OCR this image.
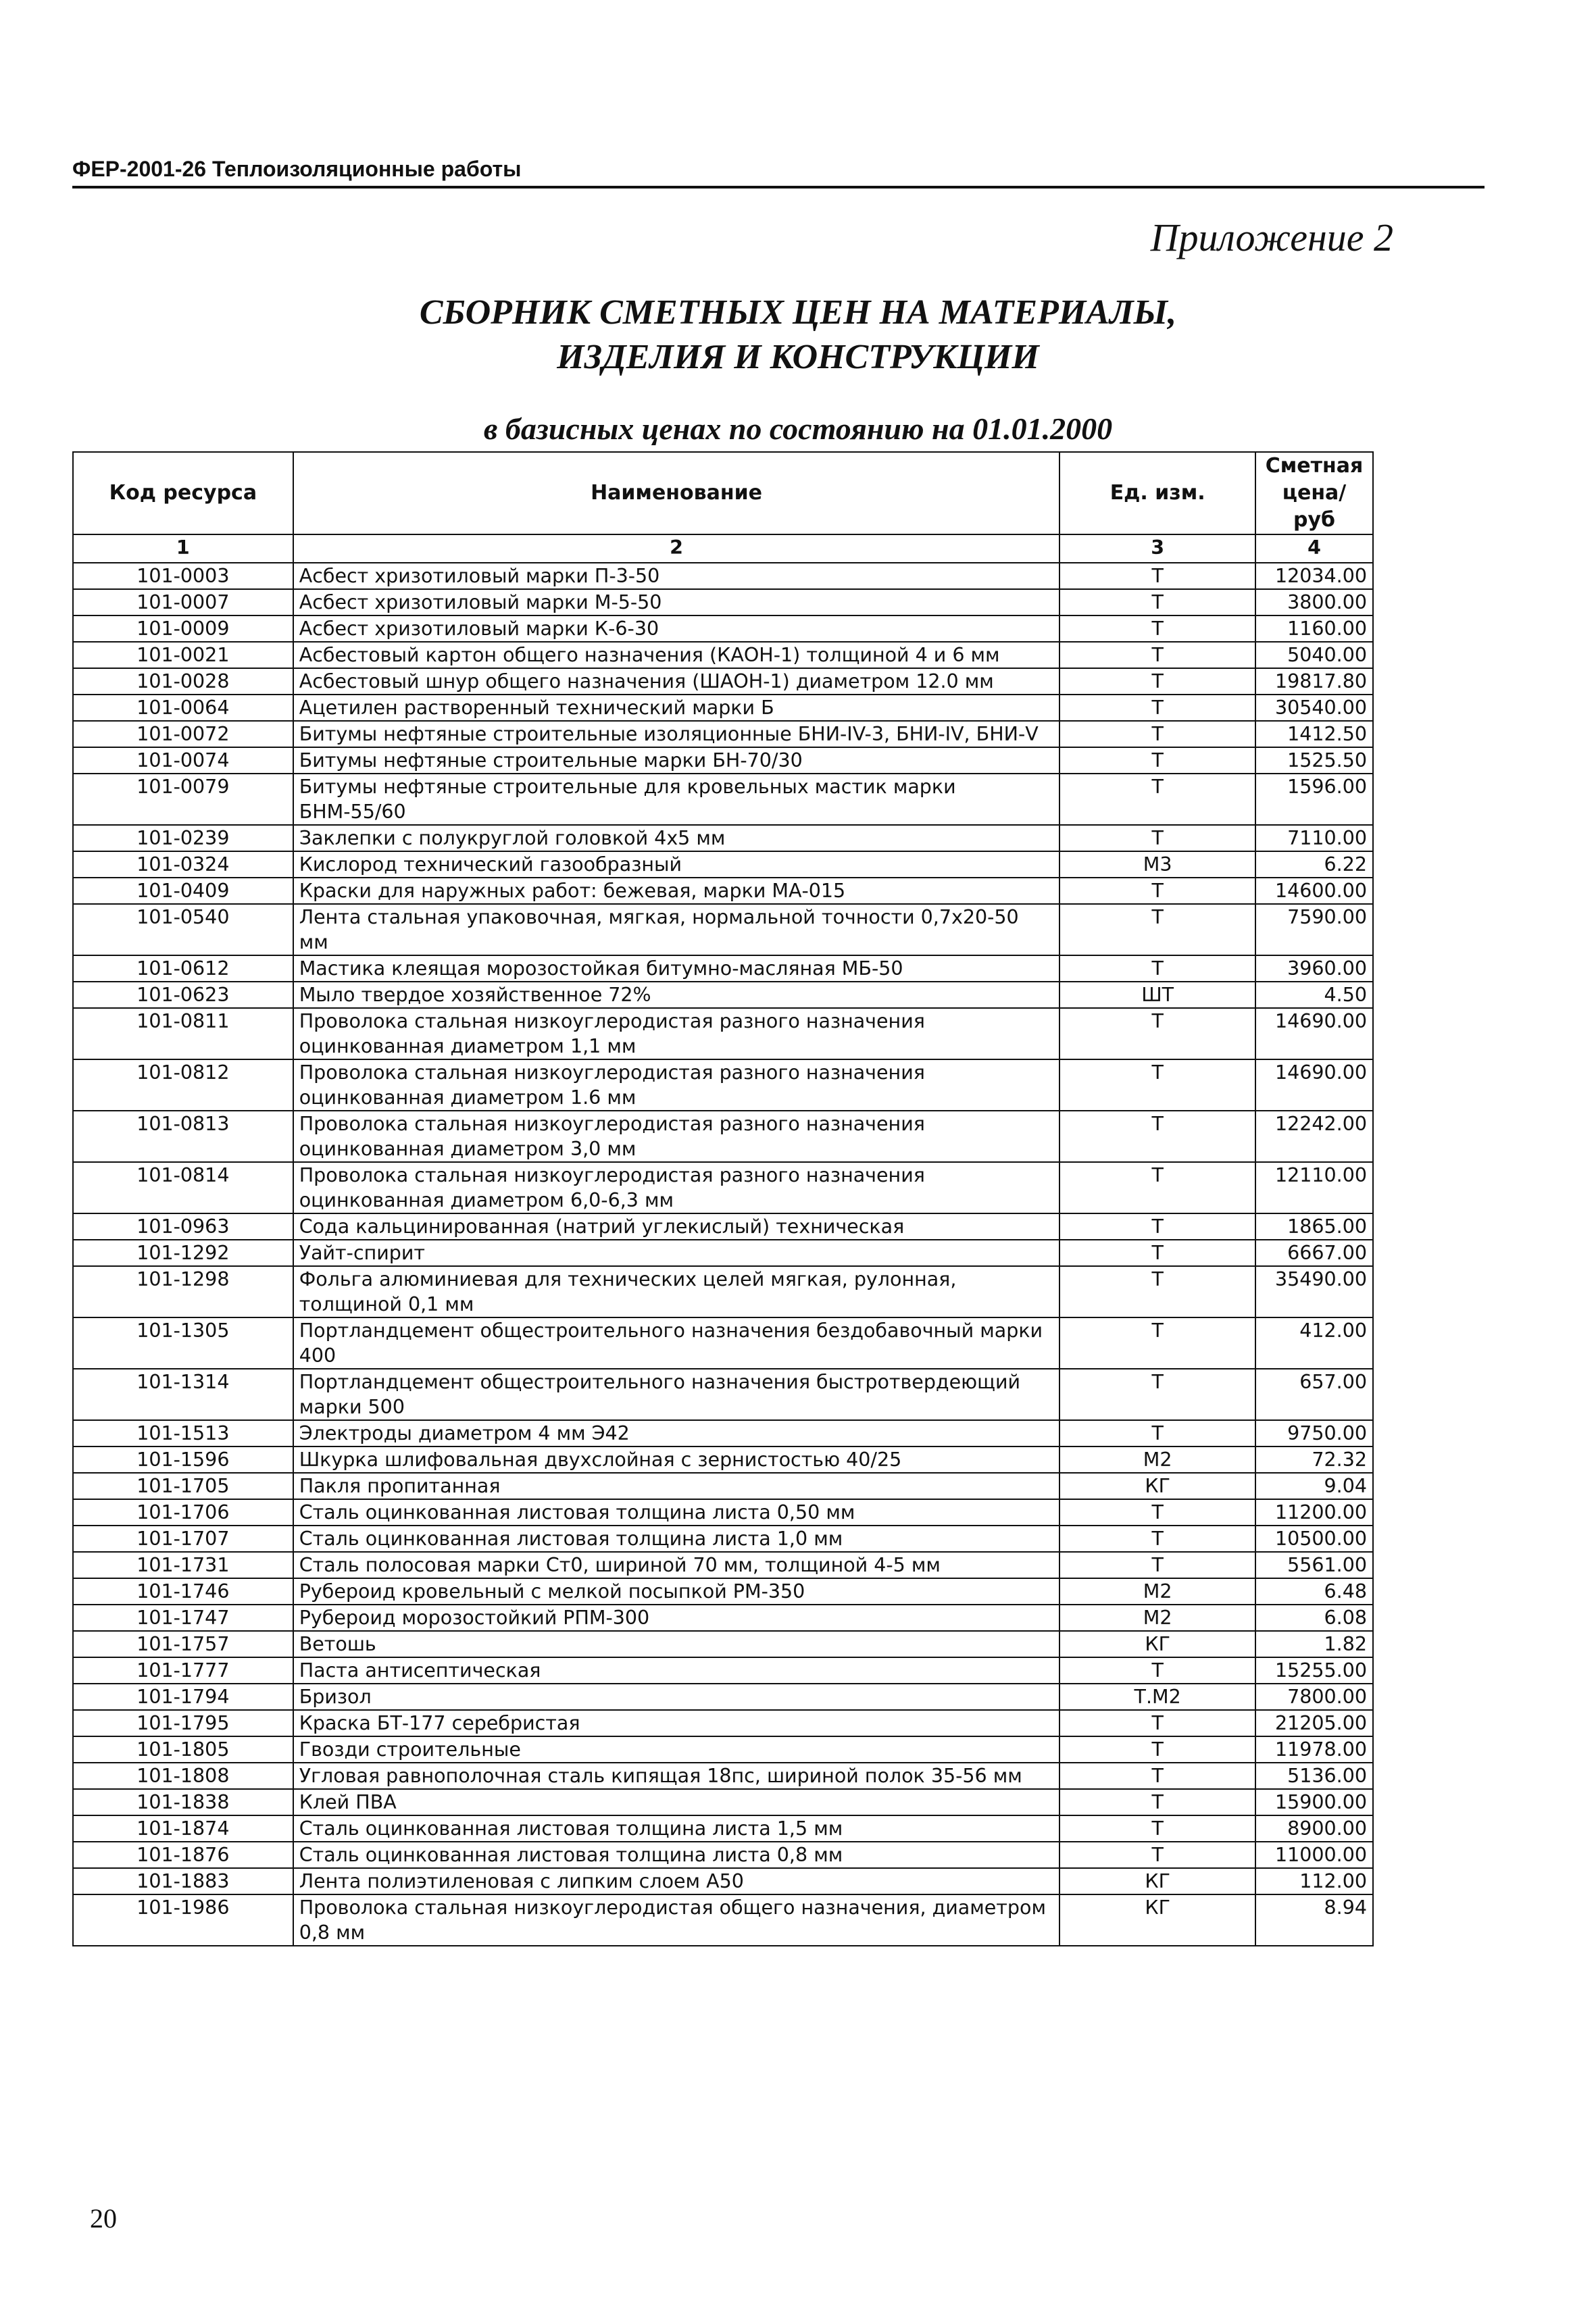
ФЕР-2001-26 Теплоизоляционные работы
Приложение 2
СБОРНИК СМЕТНЫХ ЦЕН НА МАТЕРИАЛЫ,
ИЗДЕЛИЯ И КОНСТРУКЦИИ
в базисных ценах по состоянию на 01.01.2000
Код ресурса	Наименование	Ед. изм.	Сметная
цена/руб

1	2	3	4
101-0003	Асбест хризотиловый марки П-3-50	Т	12034.00
101-0007	Асбест хризотиловый марки М-5-50	Т	3800.00
101-0009	Асбест хризотиловый марки К-6-30	Т	1160.00
101-0021	Асбестовый картон общего назначения (КАОН-1) толщиной 4 и 6 мм	Т	5040.00
101-0028	Асбестовый шнур общего назначения (ШАОН-1) диаметром 12.0 мм	Т	19817.80
101-0064	Ацетилен растворенный технический марки Б	Т	30540.00
101-0072	Битумы нефтяные строительные изоляционные БНИ-IV-3, БНИ-IV, БНИ-V	Т	1412.50
101-0074	Битумы нефтяные строительные марки БН-70/30	Т	1525.50
101-0079	Битумы нефтяные строительные для кровельных мастик марки БНМ-55/60	Т	1596.00
101-0239	Заклепки с полукруглой головкой 4х5 мм	Т	7110.00
101-0324	Кислород технический газообразный	М3	6.22
101-0409	Краски для наружных работ: бежевая, марки МА-015	Т	14600.00
101-0540	Лента стальная упаковочная, мягкая, нормальной точности 0,7х20-50 мм	Т	7590.00
101-0612	Мастика клеящая морозостойкая битумно-масляная МБ-50	Т	3960.00
101-0623	Мыло твердое хозяйственное 72%	ШТ	4.50
101-0811	Проволока стальная низкоуглеродистая разного назначения оцинкованная диаметром 1,1 мм	Т	14690.00
101-0812	Проволока стальная низкоуглеродистая разного назначения оцинкованная диаметром 1.6 мм	Т	14690.00
101-0813	Проволока стальная низкоуглеродистая разного назначения оцинкованная диаметром 3,0 мм	Т	12242.00
101-0814	Проволока стальная низкоуглеродистая разного назначения оцинкованная диаметром 6,0-6,3 мм	Т	12110.00
101-0963	Сода кальцинированная (натрий углекислый) техническая	Т	1865.00
101-1292	Уайт-спирит	Т	6667.00
101-1298	Фольга алюминиевая для технических целей мягкая, рулонная, толщиной 0,1 мм	Т	35490.00
101-1305	Портландцемент общестроительного назначения бездобавочный марки 400	Т	412.00
101-1314	Портландцемент общестроительного назначения быстротвердеющий марки 500	Т	657.00
101-1513	Электроды диаметром 4 мм Э42	Т	9750.00
101-1596	Шкурка шлифовальная двухслойная с зернистостью 40/25	М2	72.32
101-1705	Пакля пропитанная	КГ	9.04
101-1706	Сталь оцинкованная листовая толщина листа 0,50 мм	Т	11200.00
101-1707	Сталь оцинкованная листовая толщина листа 1,0 мм	Т	10500.00
101-1731	Сталь полосовая марки Ст0, шириной 70 мм, толщиной 4-5 мм	Т	5561.00
101-1746	Рубероид кровельный с мелкой посыпкой РМ-350	М2	6.48
101-1747	Рубероид морозостойкий РПМ-300	М2	6.08
101-1757	Ветошь	КГ	1.82
101-1777	Паста антисептическая	Т	15255.00
101-1794	Бризол	Т.М2	7800.00
101-1795	Краска БТ-177 серебристая	Т	21205.00
101-1805	Гвозди строительные	Т	11978.00
101-1808	Угловая равнополочная сталь кипящая 18пс, шириной полок 35-56 мм	Т	5136.00
101-1838	Клей ПВА	Т	15900.00
101-1874	Сталь оцинкованная листовая толщина листа 1,5 мм	Т	8900.00
101-1876	Сталь оцинкованная листовая толщина листа 0,8 мм	Т	11000.00
101-1883	Лента полиэтиленовая с липким слоем А50	КГ	112.00
101-1986	Проволока стальная низкоуглеродистая общего назначения, диаметром 0,8 мм	КГ	8.94
20
